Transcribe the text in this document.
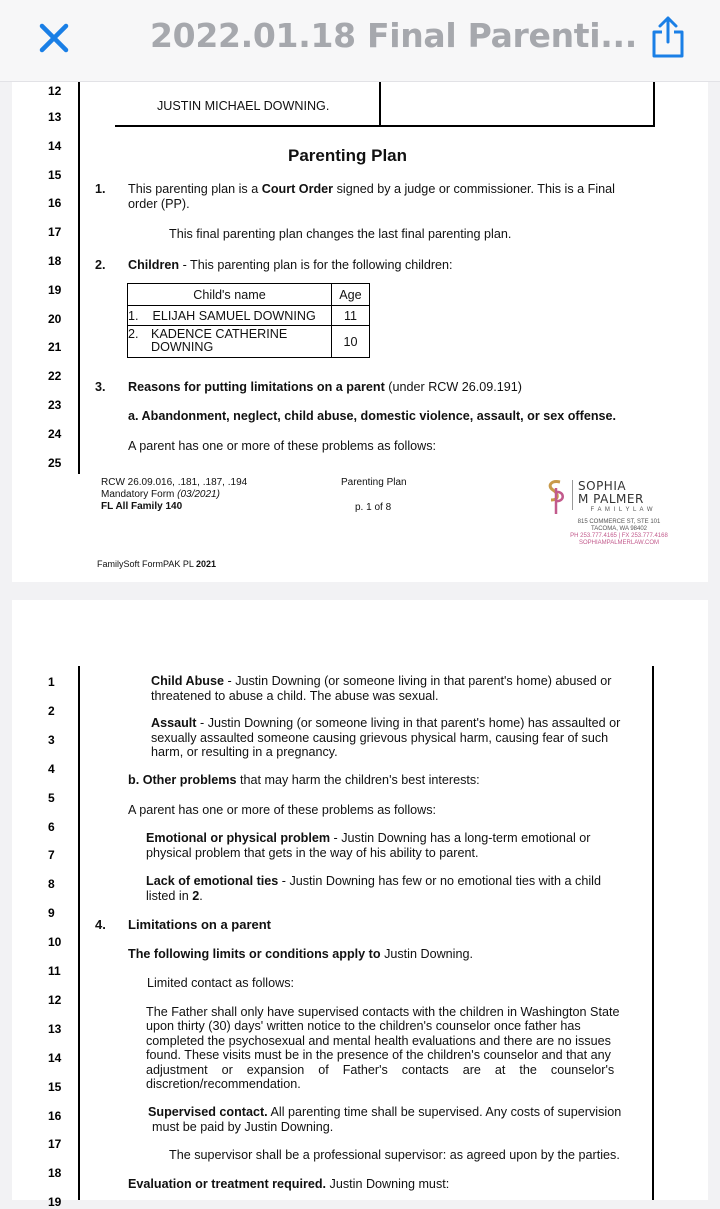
2022.01.18 Final Parenti...
12
13
14
15
16
17
18
19
20
21
22
23
24
25
JUSTIN MICHAEL DOWNING.
Parenting Plan
1. This parenting plan is a Court Order signed by a judge or commissioner. This is a Final
order (PP).
This final parenting plan changes the last final parenting plan.
2. Children - This parenting plan is for the following children:
Child's name	Age
1. ELIJAH SAMUEL DOWNING	11

2. KADENCE CATHERINE
DOWNING	10
3. Reasons for putting limitations on a parent (under RCW 26.09.191)
a. Abandonment, neglect, child abuse, domestic violence, assault, or sex offense.
A parent has one or more of these problems as follows:
RCW 26.09.016, .181, .187, .194
Mandatory Form (03/2021)
FL All Family 140
Parenting Plan
p. 1 of 8
SOPHIA
M PALMER
F A M I L Y L A W
815 COMMERCE ST, STE 101
TACOMA, WA 98402
PH 253.777.4165 | FX 253.777.4168
SOPHIAMPALMERLAW.COM
FamilySoft FormPAK PL 2021
1
2
3
4
5
6
7
8
9
10
11
12
13
14
15
16
17
18
19
Child Abuse - Justin Downing (or someone living in that parent's home) abused or
threatened to abuse a child. The abuse was sexual.
Assault - Justin Downing (or someone living in that parent's home) has assaulted or
sexually assaulted someone causing grievous physical harm, causing fear of such
harm, or resulting in a pregnancy.
b. Other problems that may harm the children's best interests:
A parent has one or more of these problems as follows:
Emotional or physical problem - Justin Downing has a long-term emotional or
physical problem that gets in the way of his ability to parent.
Lack of emotional ties - Justin Downing has few or no emotional ties with a child
listed in 2.
4. Limitations on a parent
The following limits or conditions apply to Justin Downing.
Limited contact as follows:
The Father shall only have supervised contacts with the children in Washington State
upon thirty (30) days' written notice to the children's counselor once father has
completed the psychosexual and mental health evaluations and there are no issues
found. These visits must be in the presence of the children's counselor and that any
adjustment    or    expansion    of    Father's    contacts    are    at    the    counselor's
discretion/recommendation.
Supervised contact. All parenting time shall be supervised. Any costs of supervision
must be paid by Justin Downing.
The supervisor shall be a professional supervisor: as agreed upon by the parties.
Evaluation or treatment required. Justin Downing must:
